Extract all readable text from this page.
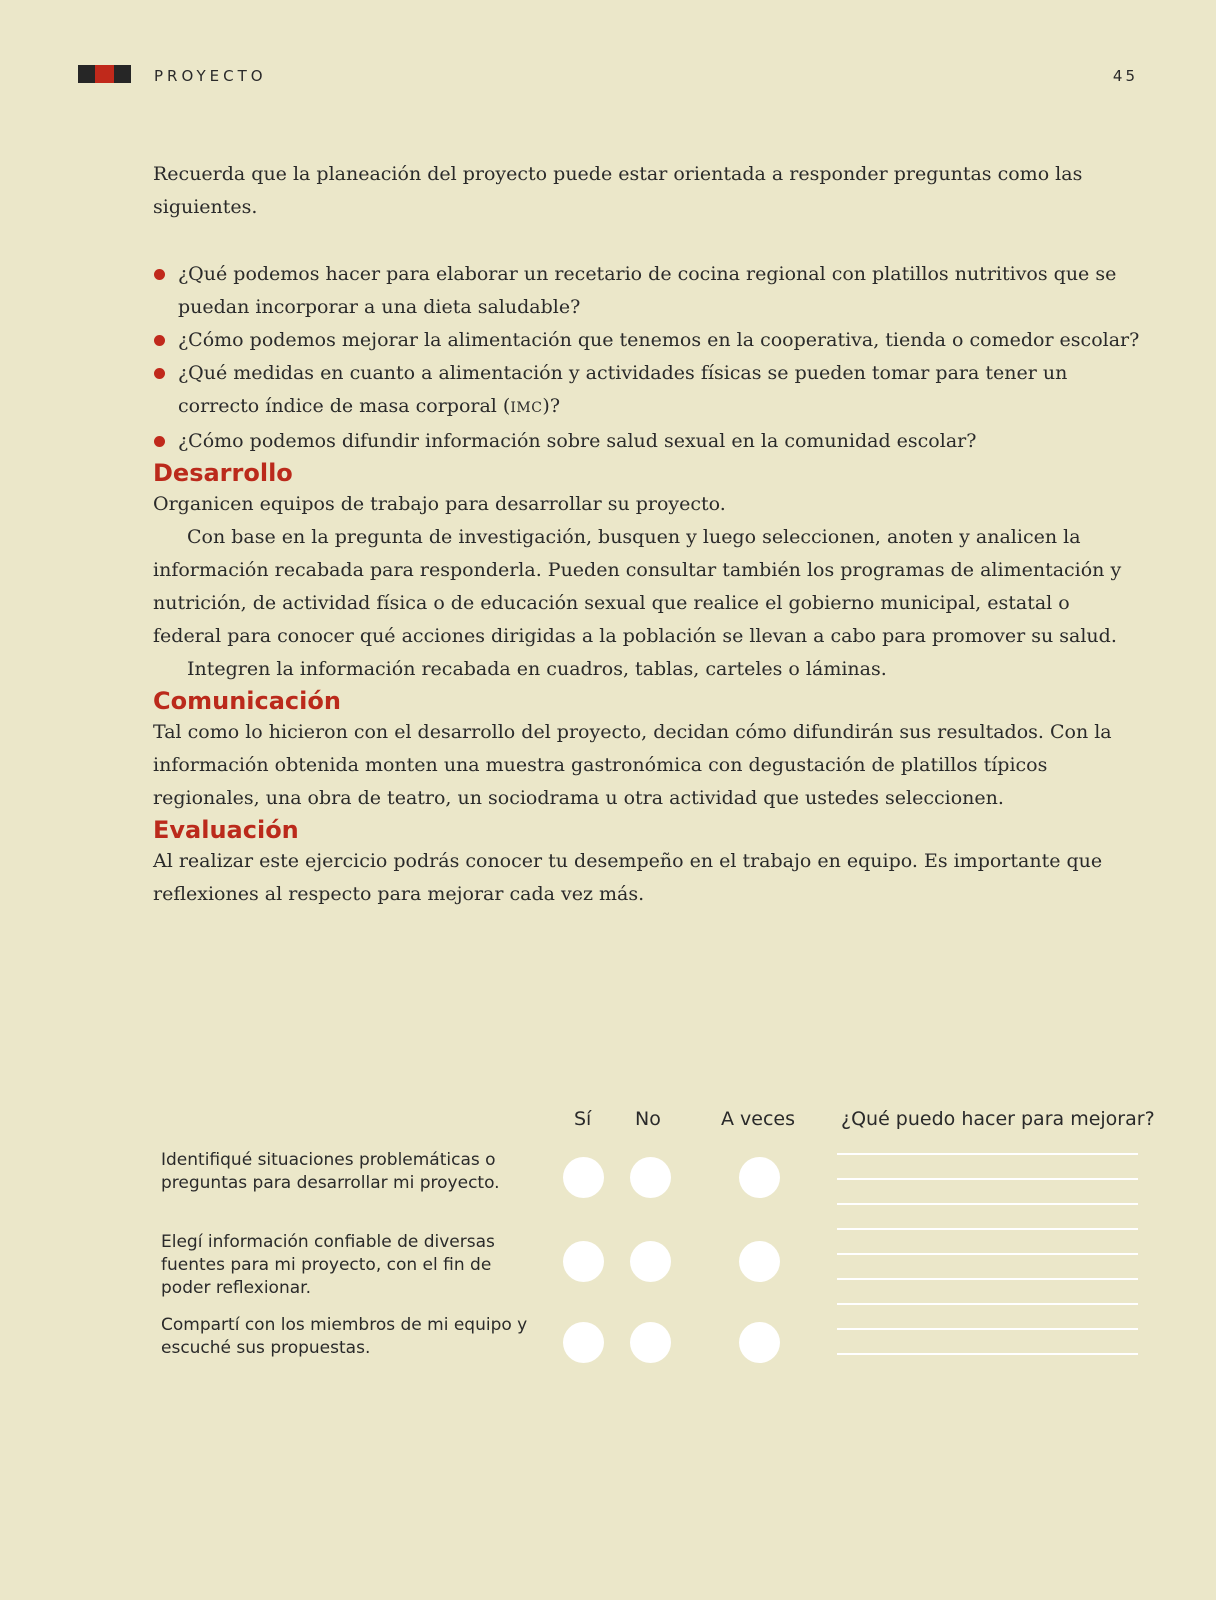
PROYECTO	45

Recuerda que la planeación del proyecto puede estar orientada a responder preguntas como las siguientes.

¿Qué podemos hacer para elaborar un recetario de cocina regional con platillos nutritivos que se puedan incorporar a una dieta saludable?
¿Cómo podemos mejorar la alimentación que tenemos en la cooperativa, tienda o comedor escolar?
¿Qué medidas en cuanto a alimentación y actividades físicas se pueden tomar para tener un correcto índice de masa corporal (IMC)?
¿Cómo podemos difundir información sobre salud sexual en la comunidad escolar?
Desarrollo

Organicen equipos de trabajo para desarrollar su proyecto.

Con base en la pregunta de investigación, busquen y luego seleccionen, anoten y analicen la información recabada para responderla. Pueden consultar también los programas de alimentación y nutrición, de actividad física o de educación sexual que realice el gobierno municipal, estatal o federal para conocer qué acciones dirigidas a la población se llevan a cabo para promover su salud.

Integren la información recabada en cuadros, tablas, carteles o láminas.

Comunicación

Tal como lo hicieron con el desarrollo del proyecto, decidan cómo difundirán sus resultados. Con la información obtenida monten una muestra gastronómica con degustación de platillos típicos regionales, una obra de teatro, un sociodrama u otra actividad que ustedes seleccionen.

Evaluación

Al realizar este ejercicio podrás conocer tu desempeño en el trabajo en equipo. Es importante que reflexiones al respecto para mejorar cada vez más.

Sí No	A veces ¿Qué puedo hacer para mejorar?
Identifiqué situaciones problemáticas o preguntas para desarrollar mi proyecto.
Elegí información confiable de diversas fuentes para mi proyecto, con el fin de poder reflexionar.
Compartí con los miembros de mi equipo y escuché sus propuestas.
